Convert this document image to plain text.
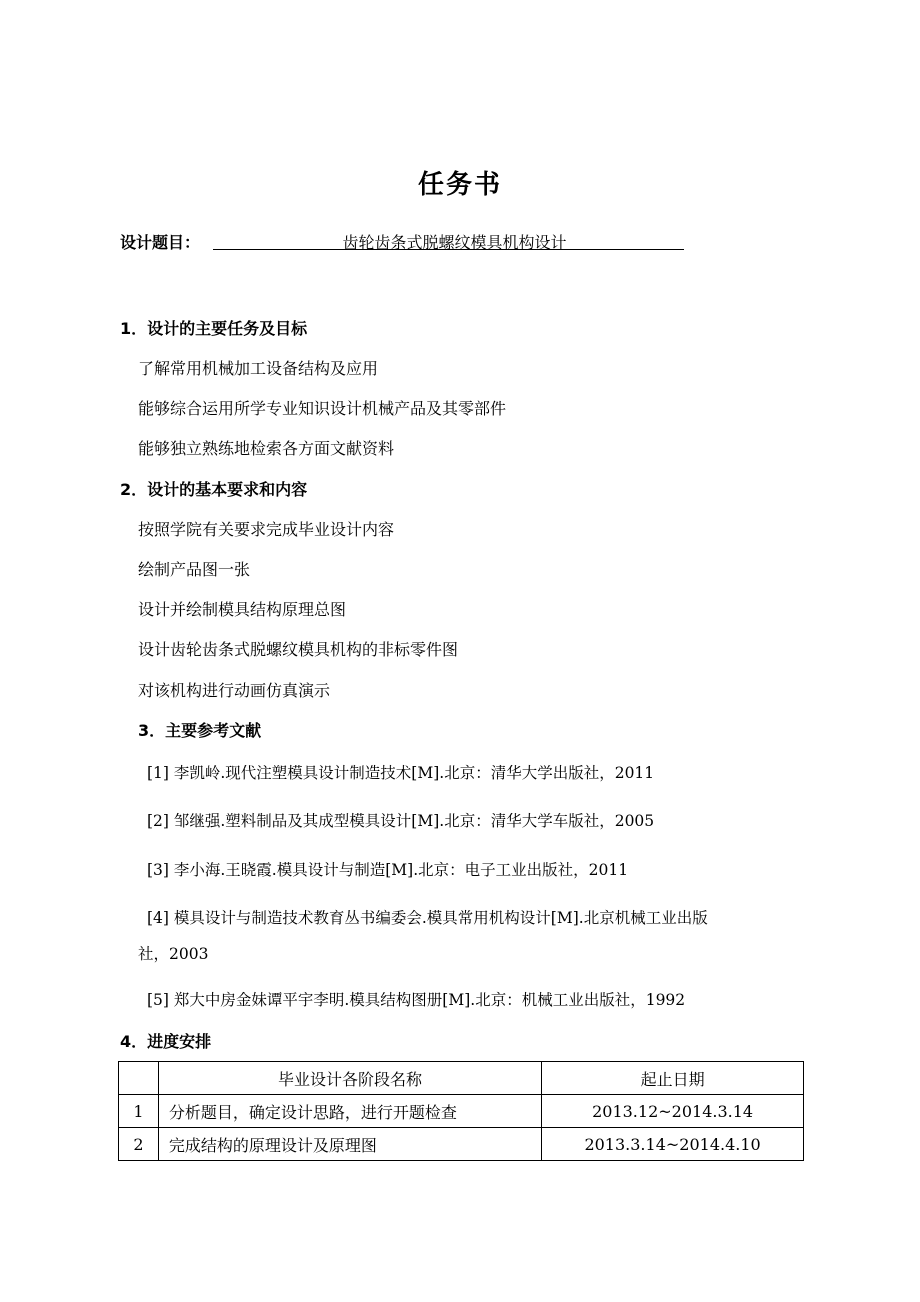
任务书
设计题目：	齿轮齿条式脱螺纹模具机构设计
1．设计的主要任务及目标
了解常用机械加工设备结构及应用
能够综合运用所学专业知识设计机械产品及其零部件
能够独立熟练地检索各方面文献资料
2．设计的基本要求和内容
按照学院有关要求完成毕业设计内容
绘制产品图一张
设计并绘制模具结构原理总图
设计齿轮齿条式脱螺纹模具机构的非标零件图
对该机构进行动画仿真演示
3．主要参考文献
[1] 李凯岭.现代注塑模具设计制造技术[M].北京：清华大学出版社，2011
[2] 邹继强.塑料制品及其成型模具设计[M].北京：清华大学车版社，2005
[3] 李小海.王晓霞.模具设计与制造[M].北京：电子工业出版社，2011
[4] 模具设计与制造技术教育丛书编委会.模具常用机构设计[M].北京机械工业出版
社，2003
[5] 郑大中房金妹谭平宇李明.模具结构图册[M].北京：机械工业出版社，1992
4．进度安排
	毕业设计各阶段名称	起止日期
1	分析题目，确定设计思路，进行开题检查	2013.12~2014.3.14
2	完成结构的原理设计及原理图	2013.3.14~2014.4.10
